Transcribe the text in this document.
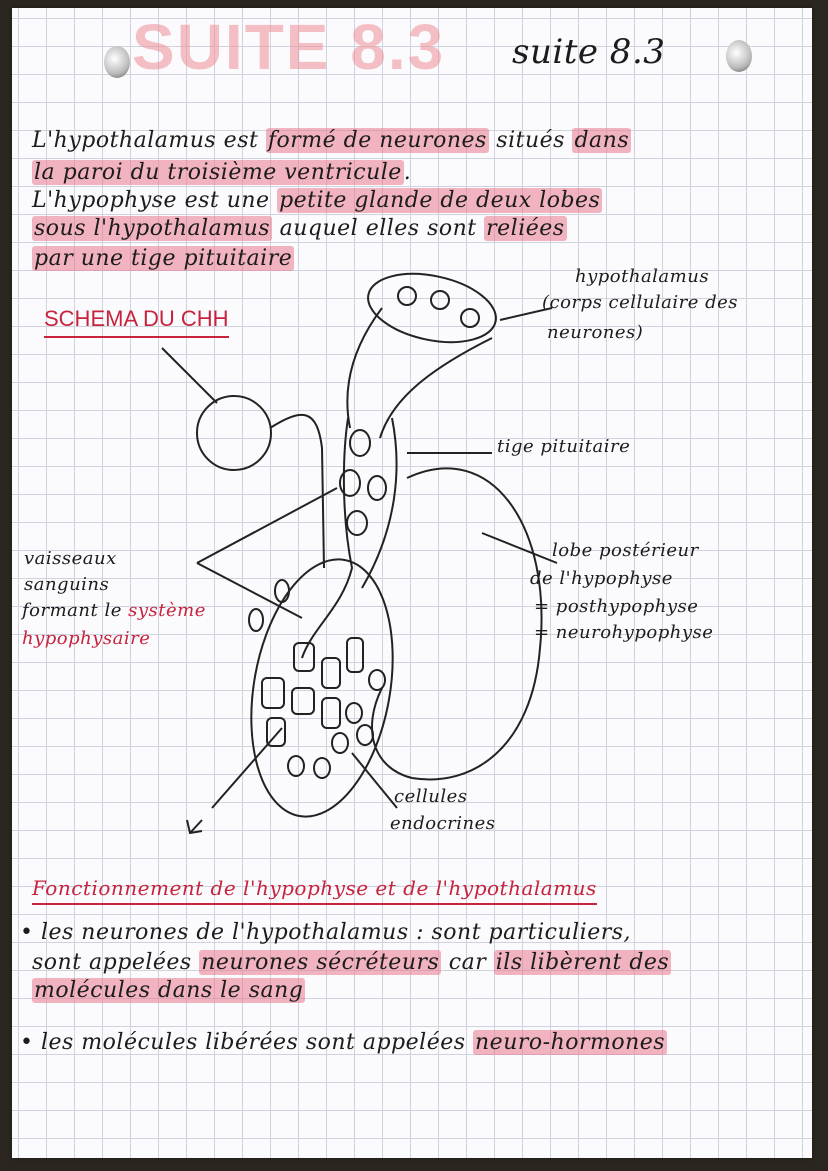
SUITE 8.3 suite 8.3
L'hypothalamus est formé de neurones situés dans
la paroi du troisième ventricule.
L'hypophyse est une petite glande de deux lobes
sous l'hypothalamus auquel elles sont reliées
par une tige pituitaire
SCHEMA DU CHH
hypothalamus
(corps cellulaire des
neurones)
tige pituitaire
lobe postérieur
de l'hypophyse
= posthypophyse
= neurohypophyse
vaisseaux
sanguins
formant le système
hypophysaire
cellules
endocrines
Fonctionnement de l'hypophyse et de l'hypothalamus
• les neurones de l'hypothalamus : sont particuliers,
sont appelées neurones sécréteurs car ils libèrent des
molécules dans le sang
• les molécules libérées sont appelées neuro-hormones
